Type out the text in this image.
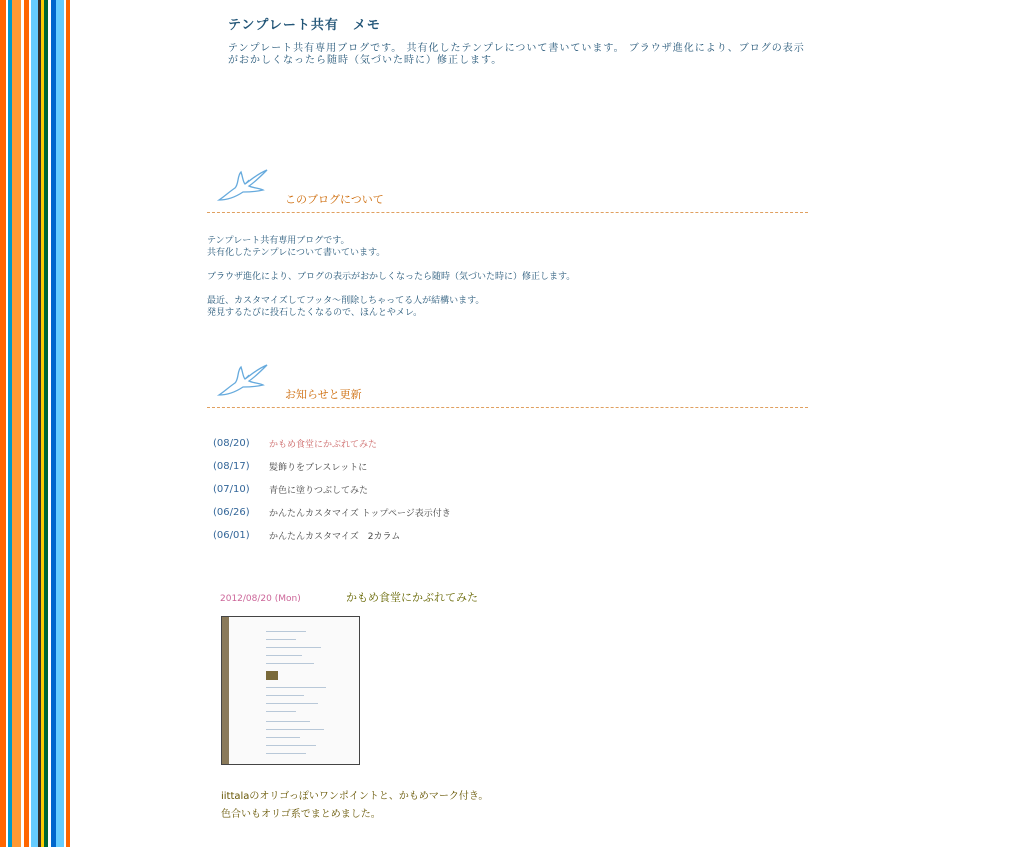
テンプレート共有　メモ

テンプレート共有専用ブログです。 共有化したテンプレについて書いています。 ブラウザ進化により、ブログの表示がおかしくなったら随時（気づいた時に）修正します。

このブログについて

テンプレート共有専用ブログです。
共有化したテンプレについて書いています。

ブラウザ進化により、ブログの表示がおかしくなったら随時（気づいた時に）修正します。

最近、カスタマイズしてフッタ～削除しちゃってる人が結構います。
発見するたびに投石したくなるので、ほんとやメレ。

お知らせと更新
(08/20)	かもめ食堂にかぶれてみた
(08/17)	髪飾りをブレスレットに
(07/10)	青色に塗りつぶしてみた
(06/26)	かんたんカスタマイズ トップページ表示付き
(06/01)	かんたんカスタマイズ　2カラム
2012/08/20 (Mon)	かもめ食堂にかぶれてみた

iittalaのオリゴっぽいワンポイントと、かもめマーク付き。

色合いもオリゴ系でまとめました。
